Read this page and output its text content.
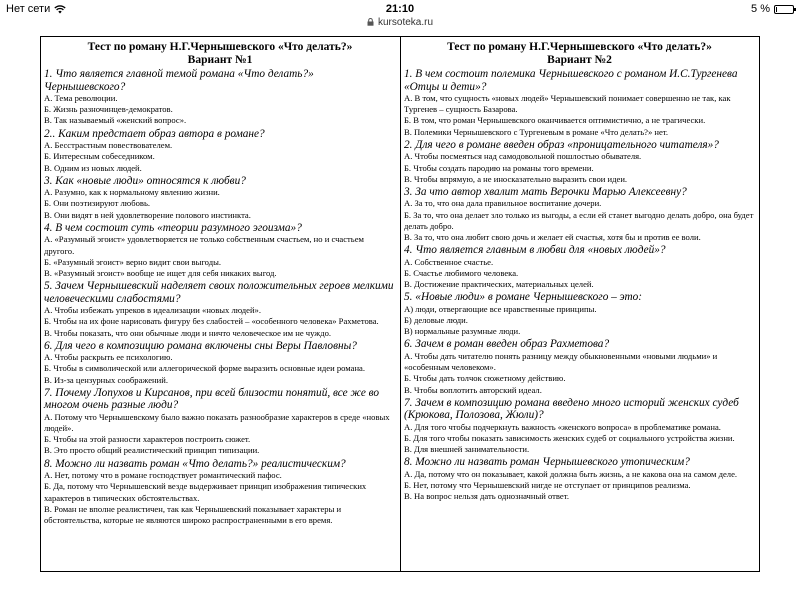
Нет сети	21:10	5 %
kursoteka.ru
Тест по роману Н.Г.Чернышевского «Что делать?»
Вариант №1
1. Что является главной темой романа «Что делать?» Чернышевского?
А. Тема революции.
Б. Жизнь разночинцев-демократов.
В. Так называемый «женский вопрос».
2.. Каким предстает образ автора в романе?
А. Бесстрастным повествователем.
Б. Интересным собеседником.
В. Одним из новых людей.
3. Как «новые люди» относятся к любви?
А. Разумно, как к нормальному явлению жизни.
Б. Они поэтизируют любовь.
В. Они видят в ней удовлетворение полового инстинкта.
4. В чем состоит суть «теории разумного эгоизма»?
А. «Разумный эгоист» удовлетворяется не только собственным счастьем, но и счастьем другого.
Б. «Разумный эгоист» верно видит свои выгоды.
В. «Разумный эгоист» вообще не ищет для себя никаких выгод.
5. Зачем Чернышевский наделяет своих положительных героев мелкими человеческими слабостями?
А. Чтобы избежать упреков в идеализации «новых людей».
Б. Чтобы на их фоне нарисовать фигуру без слабостей – «особенного человека» Рахметова.
В. Чтобы показать, что они обычные люди и ничто человеческое им не чуждо.
6. Для чего в композицию романа включены сны Веры Павловны?
А. Чтобы раскрыть ее психологию.
Б. Чтобы в символической или аллегорической форме выразить основные идеи романа.
В. Из-за цензурных соображений.
7. Почему Лопухов и Кирсанов, при всей близости понятий, все же во многом очень разные люди?
А. Потому что Чернышевскому было важно показать разнообразие характеров в среде «новых людей».
Б. Чтобы на этой разности характеров построить сюжет.
В. Это просто общий реалистический принцип типизации.
8. Можно ли назвать роман «Что делать?» реалистическим?
А. Нет, потому что в романе господствует романтический пафос.
Б. Да, потому что Чернышевский везде выдерживает принцип изображения типических характеров в типических обстоятельствах.
В. Роман не вполне реалистичен, так как Чернышевский показывает характеры и обстоятельства, которые не являются широко распространенными в его время.
Тест по роману Н.Г.Чернышевского «Что делать?»
Вариант №2
1. В чем состоит полемика Чернышевского с романом И.С.Тургенева «Отцы и дети»?
А. В том, что сущность «новых людей» Чернышевский понимает совершенно не так, как Тургенев – сущность Базарова.
Б. В том, что роман Чернышевского оканчивается оптимистично, а не трагически.
В. Полемики Чернышевского с Тургеневым в романе «Что делать?» нет.
2. Для чего в романе введен образ «проницательного читателя»?
А. Чтобы посмеяться над самодовольной пошлостью обывателя.
Б. Чтобы создать пародию на романы того времени.
В. Чтобы впрямую, а не иносказательно выразить свои идеи.
3. За что автор хвалит мать Верочки Марью Алексеевну?
А. За то, что она дала правильное воспитание дочери.
Б. За то, что она делает зло только из выгоды, а если ей станет выгодно делать добро, она будет делать добро.
В. За то, что она любит свою дочь и желает ей счастья, хотя бы и против ее воли.
4. Что является главным в любви для «новых людей»?
А. Собственное счастье.
Б. Счастье любимого человека.
В. Достижение практических, материальных целей.
5. «Новые люди» в романе Чернышевского – это:
А) люди, отвергающие все нравственные принципы.
Б) деловые люди.
В) нормальные разумные люди.
6. Зачем в роман введен образ Рахметова?
А. Чтобы дать читателю понять разницу между обыкновенными «новыми людьми» и «особенным человеком».
Б. Чтобы дать толчок сюжетному действию.
В. Чтобы воплотить авторский идеал.
7. Зачем в композицию романа введено много историй женских судеб (Крюкова, Полозова, Жюли)?
А. Для того чтобы подчеркнуть важность «женского вопроса» в проблематике романа.
Б. Для того чтобы показать зависимость женских судеб от социального устройства жизни.
В. Для внешней занимательности.
8. Можно ли назвать роман Чернышевского утопическим?
А. Да, потому что он показывает, какой должна быть жизнь, а не какова она на самом деле.
Б. Нет, потому что Чернышевский нигде не отступает от принципов реализма.
В. На вопрос нельзя дать однозначный ответ.
